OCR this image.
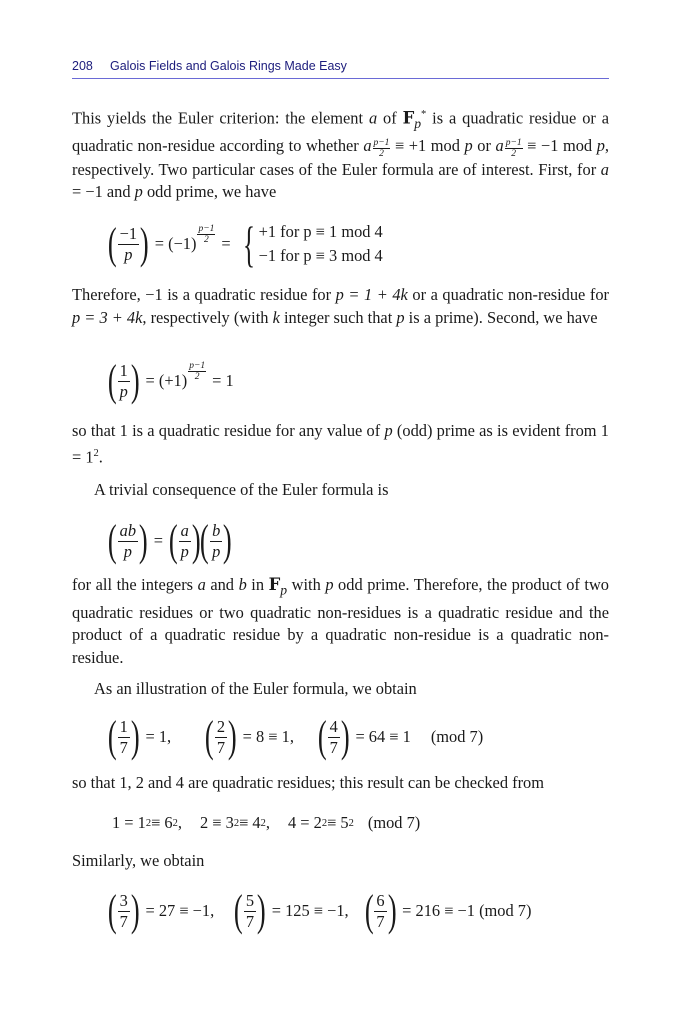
208 Galois Fields and Galois Rings Made Easy

This yields the Euler criterion: the element a of $F_p^*$ is a quadratic residue or a quadratic non-residue according to whether a $\frac{p-1}{2} \equiv +1$ mod p or a $\frac{p-1}{2} \equiv -1$ mod p, respectively. Two particular cases of the Euler formula are of interest. First, for a = −1 and p odd prime, we have

( $\frac{-1}{p}$ ) = $(-1) \frac{p-1}{2}$ = { +1 for p ≡ 1 mod 4
−1 for p ≡ 3 mod 4

Therefore, −1 is a quadratic residue for p = 1 + 4k or a quadratic non-residue for p = 3 + 4k, respectively (with k integer such that p is a prime). Second, we have

( $\frac{1}{p}$ ) = $(+1) \frac{p-1}{2} = 1$

so that 1 is a quadratic residue for any value of p (odd) prime as is evident from $1 = 1^2$.

A trivial consequence of the Euler formula is

( $\frac{ab}{p}$ ) = ( $\frac{a}{p}$ ) ( $\frac{b}{p}$ )

for all the integers a and b in $F_p$ with p odd prime. Therefore, the product of two quadratic residues or two quadratic non-residues is a quadratic residue and the product of a quadratic residue by a quadratic non-residue is a quadratic non-residue.

As an illustration of the Euler formula, we obtain

( $\frac{1}{7}$ ) = 1, ( $\frac{2}{7}$ ) = 8 ≡ 1, ( $\frac{4}{7}$ ) = 64 ≡ 1 (mod 7)

so that 1, 2 and 4 are quadratic residues; this result can be checked from

1 = 1 2 ≡ 6 2 , 2 ≡ 3 2 ≡ 4 2 , 4 = 2 2 ≡ 5 2 (mod 7)

Similarly, we obtain

( $\frac{3}{7}$ ) = 27 ≡ −1, ( $\frac{5}{7}$ ) = 125 ≡ −1, ( $\frac{6}{7}$ ) = 216 ≡ −1 (mod 7)
